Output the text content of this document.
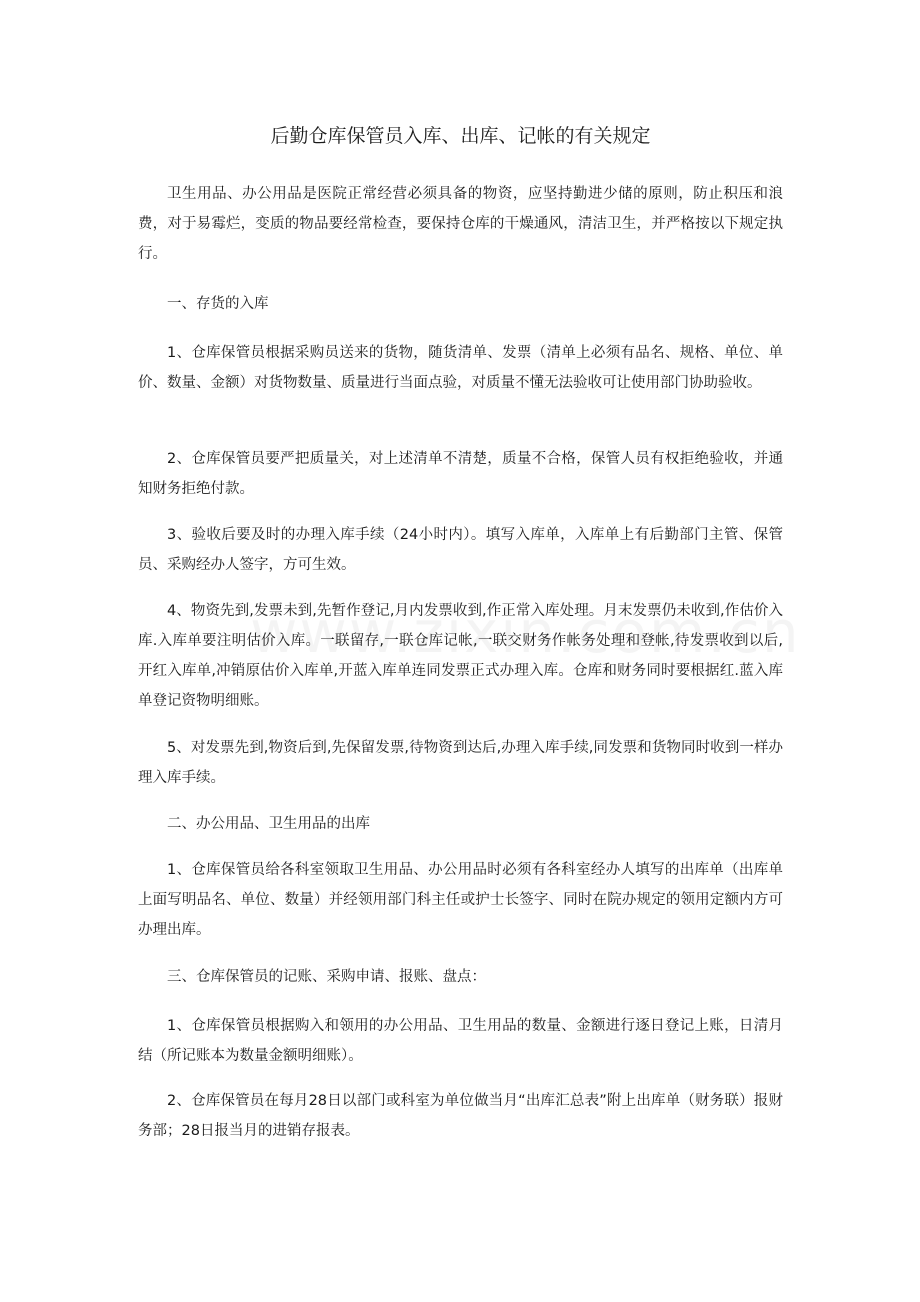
后勤仓库保管员入库、出库、记帐的有关规定

卫生用品、办公用品是医院正常经营必须具备的物资，应坚持勤进少储的原则，防止积压和浪费，对于易霉烂，变质的物品要经常检查，要保持仓库的干燥通风，清洁卫生，并严格按以下规定执行。

一、存货的入库

1、仓库保管员根据采购员送来的货物，随货清单、发票（清单上必须有品名、规格、单位、单价、数量、金额）对货物数量、质量进行当面点验，对质量不懂无法验收可让使用部门协助验收。

2、仓库保管员要严把质量关，对上述清单不清楚，质量不合格，保管人员有权拒绝验收，并通知财务拒绝付款。

3、验收后要及时的办理入库手续（24小时内）。填写入库单，入库单上有后勤部门主管、保管员、采购经办人签字，方可生效。

4、物资先到,发票未到,先暂作登记,月内发票收到,作正常入库处理。月末发票仍未收到,作估价入库.入库单要注明估价入库。一联留存,一联仓库记帐,一联交财务作帐务处理和登帐,待发票收到以后,开红入库单,冲销原估价入库单,开蓝入库单连同发票正式办理入库。仓库和财务同时要根据红.蓝入库单登记资物明细账。

5、对发票先到,物资后到,先保留发票,待物资到达后,办理入库手续,同发票和货物同时收到一样办理入库手续。

二、办公用品、卫生用品的出库

1、仓库保管员给各科室领取卫生用品、办公用品时必须有各科室经办人填写的出库单（出库单上面写明品名、单位、数量）并经领用部门科主任或护士长签字、同时在院办规定的领用定额内方可办理出库。

三、仓库保管员的记账、采购申请、报账、盘点：

1、仓库保管员根据购入和领用的办公用品、卫生用品的数量、金额进行逐日登记上账，日清月结（所记账本为数量金额明细账）。

2、仓库保管员在每月28日以部门或科室为单位做当月“出库汇总表”附上出库单（财务联）报财务部；28日报当月的进销存报表。
